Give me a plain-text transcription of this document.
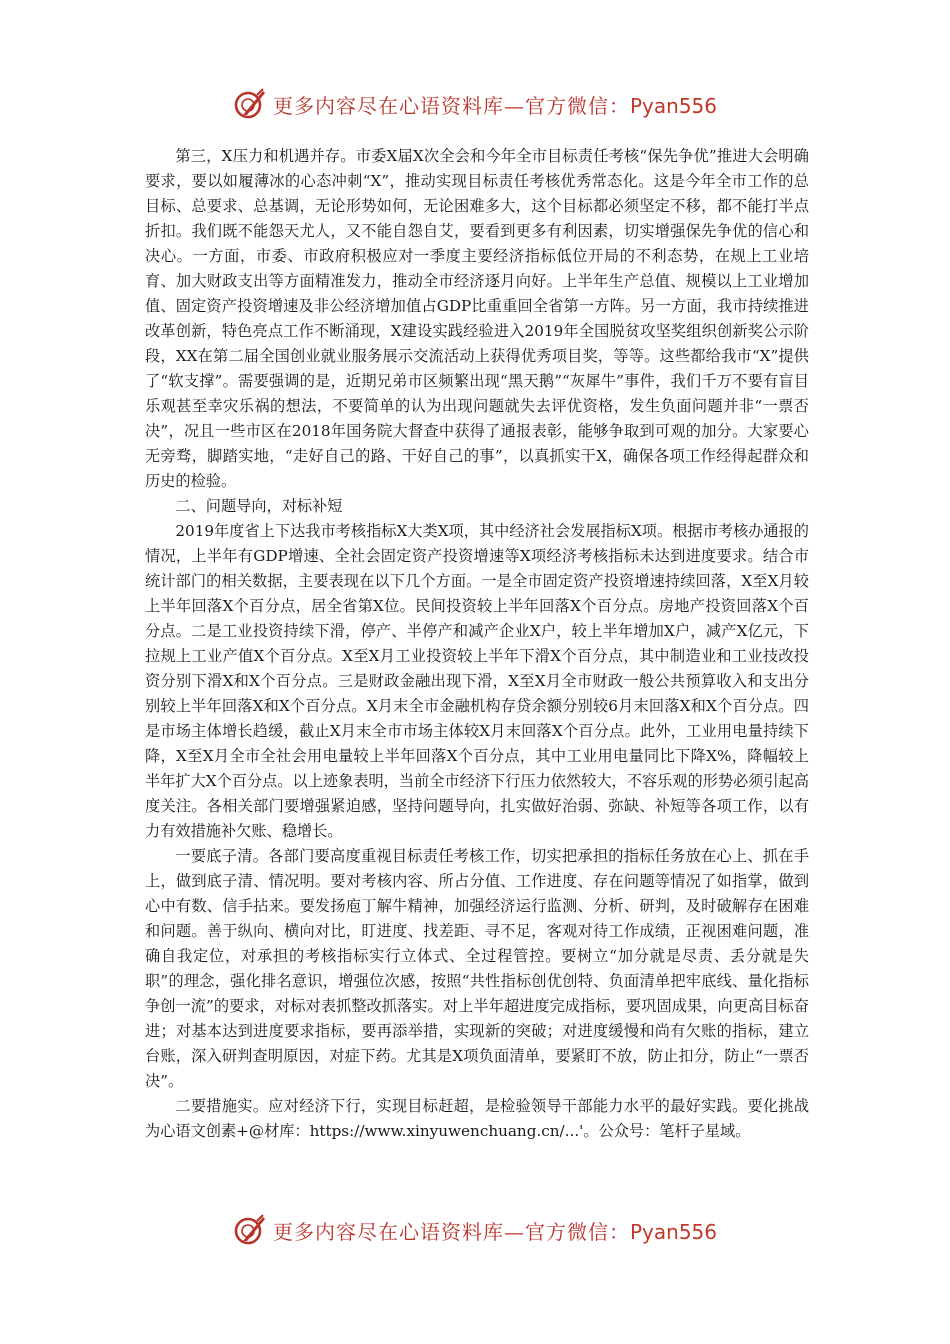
更多内容尽在心语资料库—官方微信：Pyan556

第三，X压力和机遇并存。市委X届X次全会和今年全市目标责任考核“保先争优”推进大会明确要求，要以如履薄冰的心态冲刺“X”，推动实现目标责任考核优秀常态化。这是今年全市工作的总目标、总要求、总基调，无论形势如何，无论困难多大，这个目标都必须坚定不移，都不能打半点折扣。我们既不能怨天尤人，又不能自怨自艾，要看到更多有利因素，切实增强保先争优的信心和决心。一方面，市委、市政府积极应对一季度主要经济指标低位开局的不利态势，在规上工业培育、加大财政支出等方面精准发力，推动全市经济逐月向好。上半年生产总值、规模以上工业增加值、固定资产投资增速及非公经济增加值占GDP比重重回全省第一方阵。另一方面，我市持续推进改革创新，特色亮点工作不断涌现，X建设实践经验进入2019年全国脱贫攻坚奖组织创新奖公示阶段，XX在第二届全国创业就业服务展示交流活动上获得优秀项目奖，等等。这些都给我市“X”提供了“软支撑”。需要强调的是，近期兄弟市区频繁出现“黑天鹅”“灰犀牛”事件，我们千万不要有盲目乐观甚至幸灾乐祸的想法，不要简单的认为出现问题就失去评优资格，发生负面问题并非“一票否决”，况且一些市区在2018年国务院大督查中获得了通报表彰，能够争取到可观的加分。大家要心无旁骛，脚踏实地，“走好自己的路、干好自己的事”，以真抓实干X，确保各项工作经得起群众和历史的检验。

二、问题导向，对标补短

2019年度省上下达我市考核指标X大类X项，其中经济社会发展指标X项。根据市考核办通报的情况，上半年有GDP增速、全社会固定资产投资增速等X项经济考核指标未达到进度要求。结合市统计部门的相关数据，主要表现在以下几个方面。一是全市固定资产投资增速持续回落，X至X月较上半年回落X个百分点，居全省第X位。民间投资较上半年回落X个百分点。房地产投资回落X个百分点。二是工业投资持续下滑，停产、半停产和减产企业X户，较上半年增加X户，减产X亿元，下拉规上工业产值X个百分点。X至X月工业投资较上半年下滑X个百分点，其中制造业和工业技改投资分别下滑X和X个百分点。三是财政金融出现下滑，X至X月全市财政一般公共预算收入和支出分别较上半年回落X和X个百分点。X月末全市金融机构存贷余额分别较6月末回落X和X个百分点。四是市场主体增长趋缓，截止X月末全市市场主体较X月末回落X个百分点。此外，工业用电量持续下降，X至X月全市全社会用电量较上半年回落X个百分点，其中工业用电量同比下降X%，降幅较上半年扩大X个百分点。以上迹象表明，当前全市经济下行压力依然较大，不容乐观的形势必须引起高度关注。各相关部门要增强紧迫感，坚持问题导向，扎实做好治弱、弥缺、补短等各项工作，以有力有效措施补欠账、稳增长。

一要底子清。各部门要高度重视目标责任考核工作，切实把承担的指标任务放在心上、抓在手上，做到底子清、情况明。要对考核内容、所占分值、工作进度、存在问题等情况了如指掌，做到心中有数、信手拈来。要发扬庖丁解牛精神，加强经济运行监测、分析、研判，及时破解存在困难和问题。善于纵向、横向对比，盯进度、找差距、寻不足，客观对待工作成绩，正视困难问题，准确自我定位，对承担的考核指标实行立体式、全过程管控。要树立“加分就是尽责、丢分就是失职”的理念，强化排名意识，增强位次感，按照“共性指标创优创特、负面清单把牢底线、量化指标争创一流”的要求，对标对表抓整改抓落实。对上半年超进度完成指标，要巩固成果，向更高目标奋进；对基本达到进度要求指标，要再添举措，实现新的突破；对进度缓慢和尚有欠账的指标，建立台账，深入研判查明原因，对症下药。尤其是X项负面清单，要紧盯不放，防止扣分，防止“一票否决”。

二要措施实。应对经济下行，实现目标赶超，是检验领导干部能力水平的最好实践。要化挑战为心语文创素+@材库：https://www.xinyuwenchuang.cn/...'。公众号：笔杆子星域。

更多内容尽在心语资料库—官方微信：Pyan556
